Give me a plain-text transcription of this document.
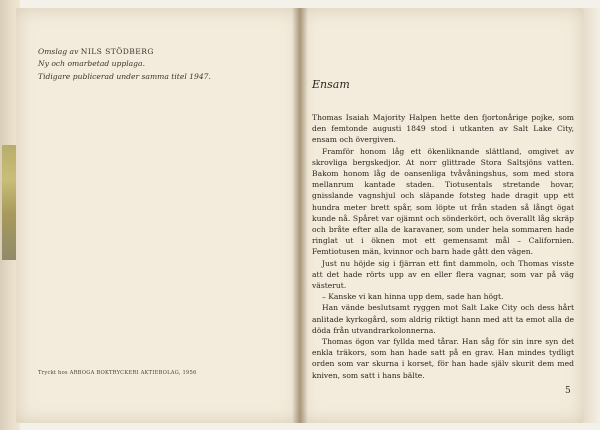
Omslag av NILS STÖDBERG
Ny och omarbetad upplaga.
Tidigare publicerad under samma titel 1947.
Tryckt hos ARBOGA BOKTRYCKERI AKTIEBOLAG, 1956
Ensam

Thomas Isaiah Majority Halpen hette den fjortonårige pojke, som den femtonde augusti 1849 stod i utkanten av Salt Lake City, ensam och övergiven.

Framför honom låg ett ökenliknande slättland, omgivet av skrovliga bergskedjor. At norr glittrade Stora Saltsjöns vatten. Bakom honom låg de oansenliga tvåvåningshus, som med stora mellanrum kantade staden. Tiotusentals stretande hovar, gnisslande vagnshjul och släpande fotsteg hade dragit upp ett hundra meter brett spår, som löpte ut från staden så långt ögat kunde nå. Spåret var ojämnt och sönderkört, och överallt låg skräp och bråte efter alla de karavaner, som under hela sommaren hade ringlat ut i öknen mot ett gemensamt mål – Californien. Femtiotusen män, kvinnor och barn hade gått den vägen.

Just nu höjde sig i fjärran ett fint dammoln, och Thomas visste att det hade rörts upp av en eller flera vagnar, som var på väg västerut.

– Kanske vi kan hinna upp dem, sade han högt.

Han vände beslutsamt ryggen mot Salt Lake City och dess hårt anlitade kyrkogård, som aldrig riktigt hann med att ta emot alla de döda från utvandrarkolonnerna.

Thomas ögon var fyllda med tårar. Han såg för sin inre syn det enkla träkors, som han hade satt på en grav. Han mindes tydligt orden som var skurna i korset, för han hade själv skurit dem med kniven, som satt i hans bälte.

5
